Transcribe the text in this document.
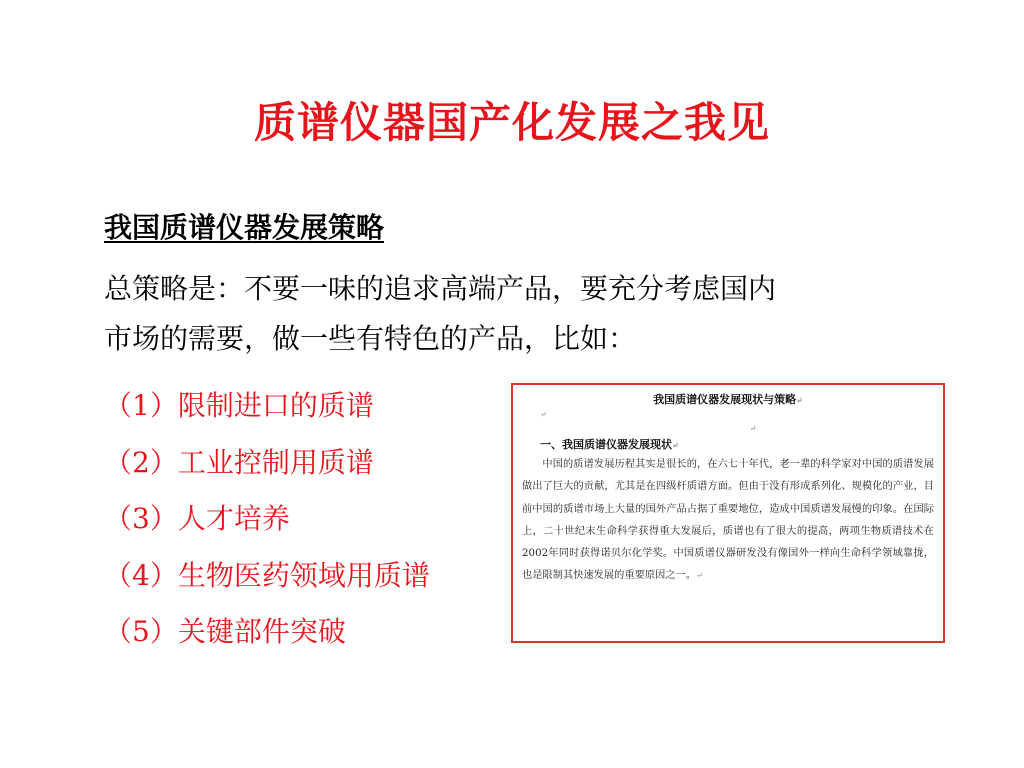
质谱仪器国产化发展之我见
我国质谱仪器发展策略
总策略是：不要一味的追求高端产品，要充分考虑国内
市场的需要，做一些有特色的产品，比如：
（1）限制进口的质谱
（2）工业控制用质谱
（3）人才培养
（4）生物医药领域用质谱
（5）关键部件突破
我国质谱仪器发展现状与策略↵
↵
↵
一、我国质谱仪器发展现状↵
中国的质谱发展历程其实是很长的，在六七十年代，老一辈的科学家对中国的质谱发展做出了巨大的贡献，尤其是在四级杆质谱方面。但由于没有形成系列化、规模化的产业，目前中国的质谱市场上大量的国外产品占据了重要地位，造成中国质谱发展慢的印象。在国际上，二十世纪末生命科学获得重大发展后，质谱也有了很大的提高，两项生物质谱技术在2002年同时获得诺贝尔化学奖。中国质谱仪器研发没有像国外一样向生命科学领域靠拢，也是限制其快速发展的重要原因之一。↵
